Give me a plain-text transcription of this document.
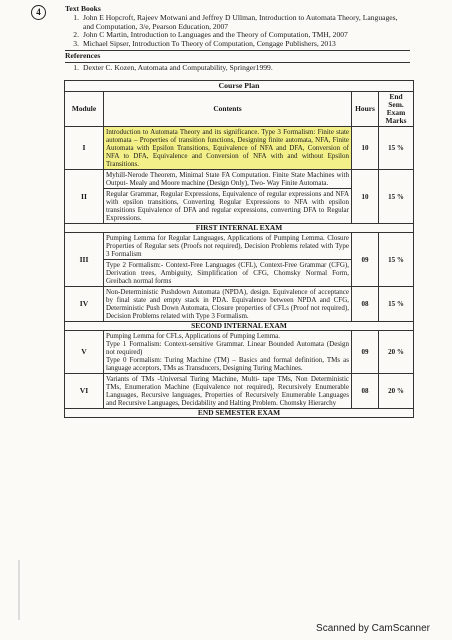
4	Text Books
1. John E Hopcroft, Rajeev Motwani and Jeffrey D Ullman, Introduction to Automata Theory, Languages, and Computation, 3/e, Pearson Education, 2007
2. John C Martin, Introduction to Languages and the Theory of Computation, TMH, 2007
3. Michael Sipser, Introduction To Theory of Computation, Cengage Publishers, 2013
References
1. Dexter C. Kozen, Automata and Computability, Springer1999.
Course Plan			
Module	Contents	Hours	End Sem. Exam Marks
I	Introduction to Automata Theory and its significance. Type 3 Formalism: Finite state automata – Properties of transition functions, Designing finite automata, NFA, Finite Automata with Epsilon Transitions, Equivalence of NFA and DFA, Conversion of NFA to DFA, Equivalence and Conversion of NFA with and without Epsilon Transitions.	10	15 %
II	Myhill-Nerode Theorem, Minimal State FA Computation. Finite State Machines with Output- Mealy and Moore machine (Design Only), Two- Way Finite Automata.
Regular Grammar, Regular Expressions, Equivalence of regular expressions and NFA with epsilon transitions, Converting Regular Expressions to NFA with epsilon transitions Equivalence of DFA and regular expressions, converting DFA to Regular Expressions.	10	15 %
FIRST INTERNAL EXAM			
III	Pumping Lemma for Regular Languages, Applications of Pumping Lemma. Closure Properties of Regular sets (Proofs not required), Decision Problems related with Type 3 Formalism
Type 2 Formalism:- Context-Free Languages (CFL), Context-Free Grammar (CFG), Derivation trees, Ambiguity, Simplification of CFG, Chomsky Normal Form, Greibach normal forms	09	15 %
IV	Non-Deterministic Pushdown Automata (NPDA), design. Equivalence of acceptance by final state and empty stack in PDA. Equivalence between NPDA and CFG, Deterministic Push Down Automata, Closure properties of CFLs (Proof not required), Decision Problems related with Type 3 Formalism.	08	15 %
SECOND INTERNAL EXAM			
V	Pumping Lemma for CFLs, Applications of Pumping Lemma.
Type 1 Formalism: Context-sensitive Grammar. Linear Bounded Automata (Design not required)
Type 0 Formalism: Turing Machine (TM) – Basics and formal definition, TMs as language acceptors, TMs as Transducers, Designing Turing Machines.	09	20 %
VI	Variants of TMs -Universal Turing Machine, Multi- tape TMs, Non Deterministic TMs, Enumeration Machine (Equivalence not required), Recursively Enumerable Languages, Recursive languages, Properties of Recursively Enumerable Languages and Recursive Languages, Decidability and Halting Problem. Chomsky Hierarchy	08	20 %
END SEMESTER EXAM			
Scanned by CamScanner
